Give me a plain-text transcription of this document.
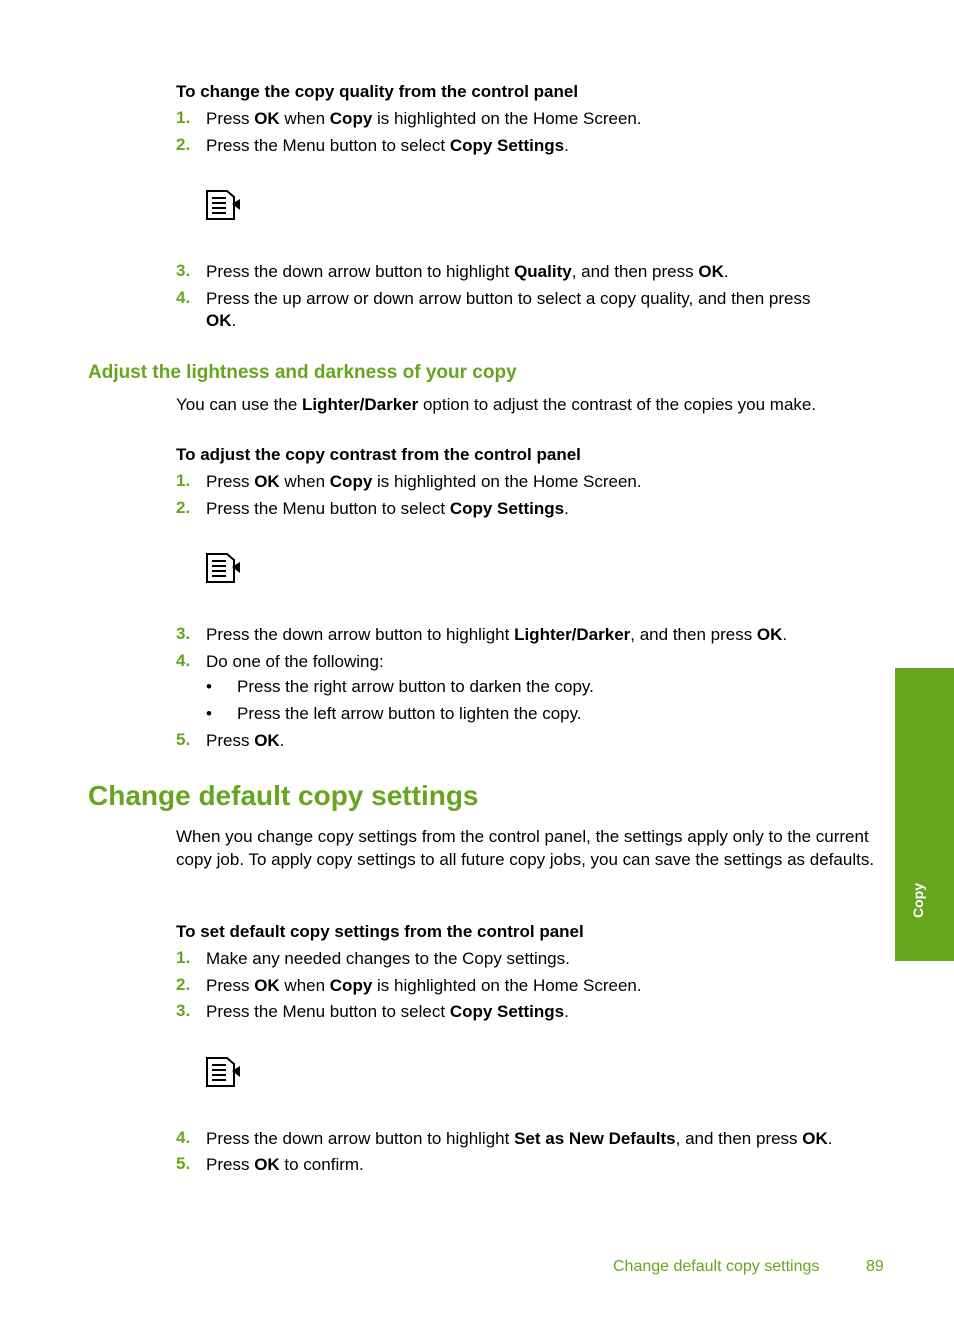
To change the copy quality from the control panel
1. Press OK when Copy is highlighted on the Home Screen.
2. Press the Menu button to select Copy Settings.
3. Press the down arrow button to highlight Quality, and then press OK.
4. Press the up arrow or down arrow button to select a copy quality, and then press
OK.
Adjust the lightness and darkness of your copy
You can use the Lighter/Darker option to adjust the contrast of the copies you make.
To adjust the copy contrast from the control panel
1. Press OK when Copy is highlighted on the Home Screen.
2. Press the Menu button to select Copy Settings.
3. Press the down arrow button to highlight Lighter/Darker, and then press OK.
4. Do one of the following:
• Press the right arrow button to darken the copy.
• Press the left arrow button to lighten the copy.
5. Press OK.
Change default copy settings
When you change copy settings from the control panel, the settings apply only to the current copy job. To apply copy settings to all future copy jobs, you can save the settings as defaults.
To set default copy settings from the control panel
1. Make any needed changes to the Copy settings.
2. Press OK when Copy is highlighted on the Home Screen.
3. Press the Menu button to select Copy Settings.
4. Press the down arrow button to highlight Set as New Defaults, and then press OK.
5. Press OK to confirm.
Copy
Change default copy settings	89
